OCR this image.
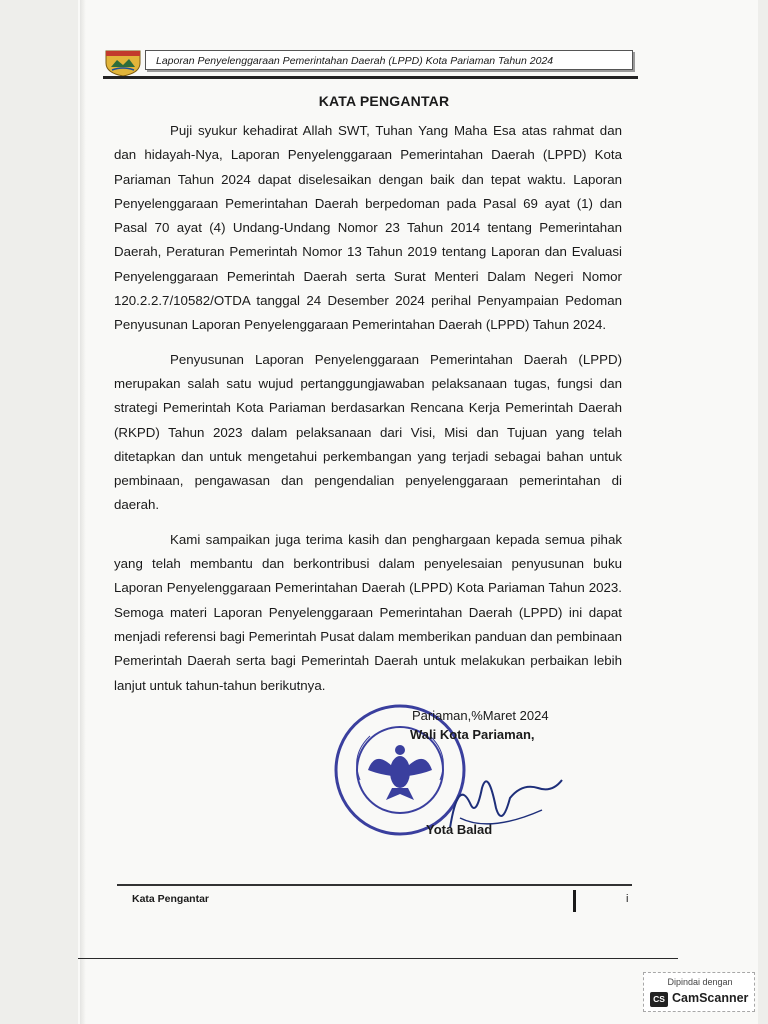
Laporan Penyelenggaraan Pemerintahan Daerah (LPPD) Kota Pariaman Tahun 2024
KATA PENGANTAR

Puji syukur kehadirat Allah SWT, Tuhan Yang Maha Esa atas rahmat dan dan hidayah-Nya, Laporan Penyelenggaraan Pemerintahan Daerah (LPPD) Kota Pariaman Tahun 2024 dapat diselesaikan dengan baik dan tepat waktu. Laporan Penyelenggaraan Pemerintahan Daerah berpedoman pada Pasal 69 ayat (1) dan Pasal 70 ayat (4) Undang-Undang Nomor 23 Tahun 2014 tentang Pemerintahan Daerah, Peraturan Pemerintah Nomor 13 Tahun 2019 tentang Laporan dan Evaluasi Penyelenggaraan Pemerintah Daerah serta Surat Menteri Dalam Negeri Nomor 120.2.2.7/10582/OTDA tanggal 24 Desember 2024 perihal Penyampaian Pedoman Penyusunan Laporan Penyelenggaraan Pemerintahan Daerah (LPPD) Tahun 2024.

Penyusunan Laporan Penyelenggaraan Pemerintahan Daerah (LPPD) merupakan salah satu wujud pertanggungjawaban pelaksanaan tugas, fungsi dan strategi Pemerintah Kota Pariaman berdasarkan Rencana Kerja Pemerintah Daerah (RKPD) Tahun 2023 dalam pelaksanaan dari Visi, Misi dan Tujuan yang telah ditetapkan dan untuk mengetahui perkembangan yang terjadi sebagai bahan untuk pembinaan, pengawasan dan pengendalian penyelenggaraan pemerintahan di daerah.

Kami sampaikan juga terima kasih dan penghargaan kepada semua pihak yang telah membantu dan berkontribusi dalam penyelesaian penyusunan buku Laporan Penyelenggaraan Pemerintahan Daerah (LPPD) Kota Pariaman Tahun 2023. Semoga materi Laporan Penyelenggaraan Pemerintahan Daerah (LPPD) ini dapat menjadi referensi bagi Pemerintah Pusat dalam memberikan panduan dan pembinaan Pemerintah Daerah serta bagi Pemerintah Daerah untuk melakukan perbaikan lebih lanjut untuk tahun-tahun berikutnya.

Pariaman,%Maret 2024
Wali Kota Pariaman,
Yota Balad
Kata Pengantar	i
Dipindai dengan
CS CamScanner
